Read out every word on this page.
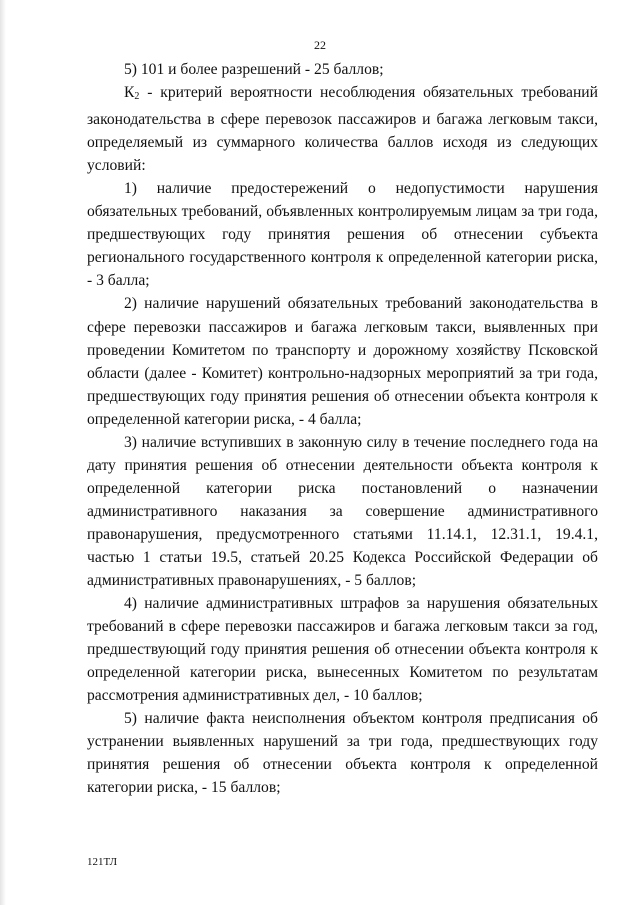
22

5) 101 и более разрешений - 25 баллов;

$К_2$ - критерий вероятности несоблюдения обязательных требований законодательства в сфере перевозок пассажиров и багажа легковым такси, определяемый из суммарного количества баллов исходя из следующих условий:

1) наличие предостережений о недопустимости нарушения обязательных требований, объявленных контролируемым лицам за три года, предшествующих году принятия решения об отнесении субъекта регионального государственного контроля к определенной категории риска, - 3 балла;

2) наличие нарушений обязательных требований законодательства в сфере перевозки пассажиров и багажа легковым такси, выявленных при проведении Комитетом по транспорту и дорожному хозяйству Псковской области (далее - Комитет) контрольно-надзорных мероприятий за три года, предшествующих году принятия решения об отнесении объекта контроля к определенной категории риска, - 4 балла;

3) наличие вступивших в законную силу в течение последнего года на дату принятия решения об отнесении деятельности объекта контроля к определенной категории риска постановлений о назначении административного наказания за совершение административного правонарушения, предусмотренного статьями 11.14.1, 12.31.1, 19.4.1, частью 1 статьи 19.5, статьей 20.25 Кодекса Российской Федерации об административных правонарушениях, - 5 баллов;

4) наличие административных штрафов за нарушения обязательных требований в сфере перевозки пассажиров и багажа легковым такси за год, предшествующий году принятия решения об отнесении объекта контроля к определенной категории риска, вынесенных Комитетом по результатам рассмотрения административных дел, - 10 баллов;

5) наличие факта неисполнения объектом контроля предписания об устранении выявленных нарушений за три года, предшествующих году принятия решения об отнесении объекта контроля к определенной категории риска, - 15 баллов;

121ТЛ
